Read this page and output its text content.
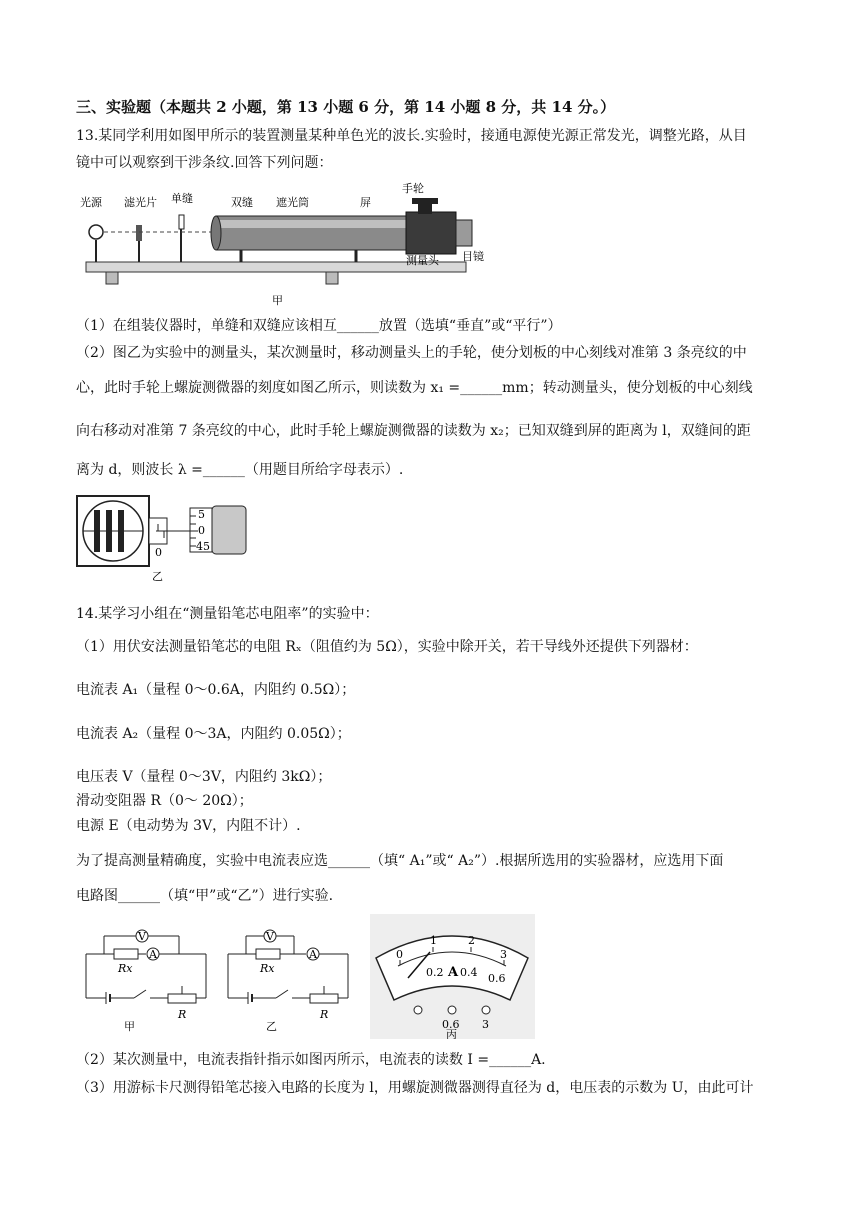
三、实验题（本题共 2 小题，第 13 小题 6 分，第 14 小题 8 分，共 14 分。）
13.某同学利用如图甲所示的装置测量某种单色光的波长.实验时，接通电源使光源正常发光，调整光路，从目
镜中可以观察到干涉条纹.回答下列问题：
光源 滤光片 单缝	双缝 遮光筒	屏
手轮
测量头 目镜
甲
（1）在组装仪器时，单缝和双缝应该相互______放置（选填“垂直”或“平行”）
（2）图乙为实验中的测量头，某次测量时，移动测量头上的手轮，使分划板的中心刻线对准第 3 条亮纹的中
心，此时手轮上螺旋测微器的刻度如图乙所示，则读数为 x₁ =______mm；转动测量头，使分划板的中心刻线
向右移动对准第 7 条亮纹的中心，此时手轮上螺旋测微器的读数为 x₂；已知双缝到屏的距离为 l，双缝间的距
离为 d，则波长 λ =______（用题目所给字母表示）.
5
0
45
0
乙
14.某学习小组在“测量铅笔芯电阻率”的实验中：
（1）用伏安法测量铅笔芯的电阻 Rₓ（阻值约为 5Ω），实验中除开关，若干导线外还提供下列器材：
电流表 A₁（量程 0～0.6A，内阻约 0.5Ω）；
电流表 A₂（量程 0～3A，内阻约 0.05Ω）；
电压表 V（量程 0～3V，内阻约 3kΩ）；
滑动变阻器 R（0～ 20Ω）；
电源 E（电动势为 3V，内阻不计）.
为了提高测量精确度，实验中电流表应选______（填“ A₁”或“ A₂”）.根据所选用的实验器材，应选用下面
电路图______（填“甲”或“乙”）进行实验.
V
A
Rx
R
甲
V
A
Rx
R
乙
0
1	2
3
0.2 0.4 0.6
A
0.6 3
丙
（2）某次测量中，电流表指针指示如图丙所示，电流表的读数 I =______A.
（3）用游标卡尺测得铅笔芯接入电路的长度为 l，用螺旋测微器测得直径为 d，电压表的示数为 U，由此可计
